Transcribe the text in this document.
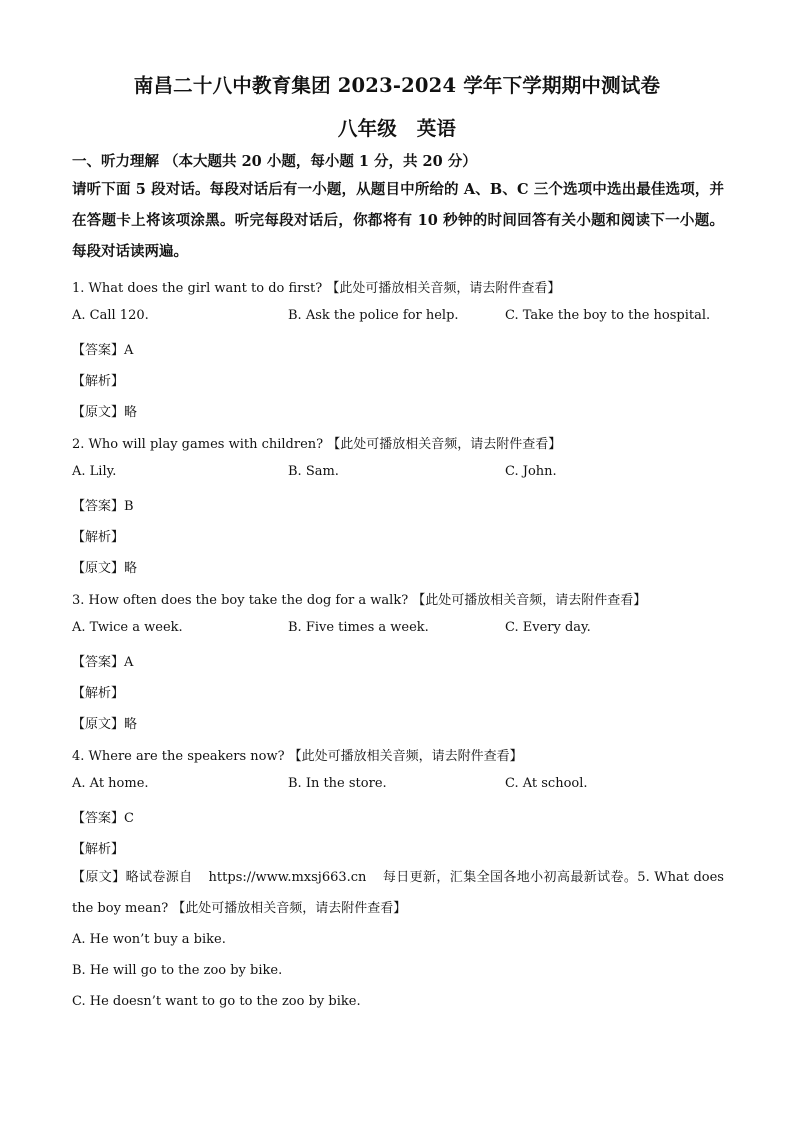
南昌二十八中教育集团 2023-2024 学年下学期期中测试卷
八年级　英语
一、听力理解 （本大题共 20 小题，每小题 1 分，共 20 分）
请听下面 5 段对话。每段对话后有一小题，从题目中所给的 A、B、C 三个选项中选出最佳选项，并在答题卡上将该项涂黑。听完每段对话后，你都将有 10 秒钟的时间回答有关小题和阅读下一小题。每段对话读两遍。
1. What does the girl want to do first? 【此处可播放相关音频，请去附件查看】
A. Call 120.	B. Ask the police for help.	C. Take the boy to the hospital.
【答案】A
【解析】
【原文】略
2. Who will play games with children? 【此处可播放相关音频，请去附件查看】
A. Lily.	B. Sam.	C. John.
【答案】B
【解析】
【原文】略
3. How often does the boy take the dog for a walk? 【此处可播放相关音频，请去附件查看】
A. Twice a week.	B. Five times a week.	C. Every day.
【答案】A
【解析】
【原文】略
4. Where are the speakers now? 【此处可播放相关音频，请去附件查看】
A. At home.	B. In the store.	C. At school.
【答案】C
【解析】
【原文】略试卷源自 https://www.mxsj663.cn 每日更新，汇集全国各地小初高最新试卷。5. What does the boy mean? 【此处可播放相关音频，请去附件查看】
A. He won’t buy a bike.
B. He will go to the zoo by bike.
C. He doesn’t want to go to the zoo by bike.
